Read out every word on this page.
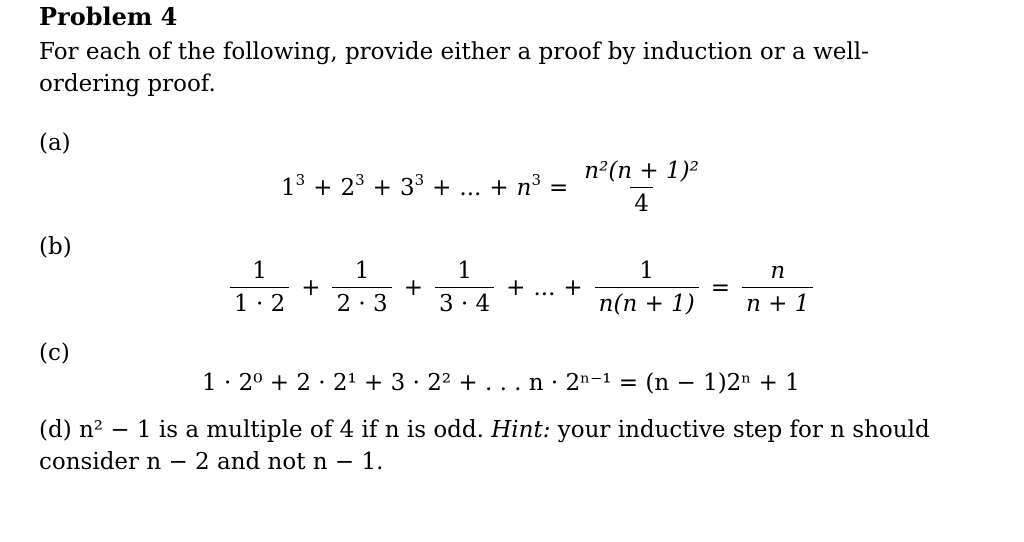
Problem 4
For each of the following, provide either a proof by induction or a well-ordering proof.
(a)
$1^3 + 2^3 + 3^3$ + ... + $n^3 = \frac{\text{n²(n + 1)²}}{4}$
(b)
$\frac{1}{1 \cdot 2} + \frac{1}{2 \cdot 3} + \frac{1}{3 \cdot 4}$ + ... + $\frac{1}{n(n + 1)} = \frac{n}{n + 1}$
(c)
1 · 2⁰ + 2 · 2¹ + 3 · 2² + . . . n · 2ⁿ⁻¹ = (n − 1)2ⁿ + 1
(d) n² − 1 is a multiple of 4 if n is odd. Hint: your inductive step for n should consider n − 2 and not n − 1.
